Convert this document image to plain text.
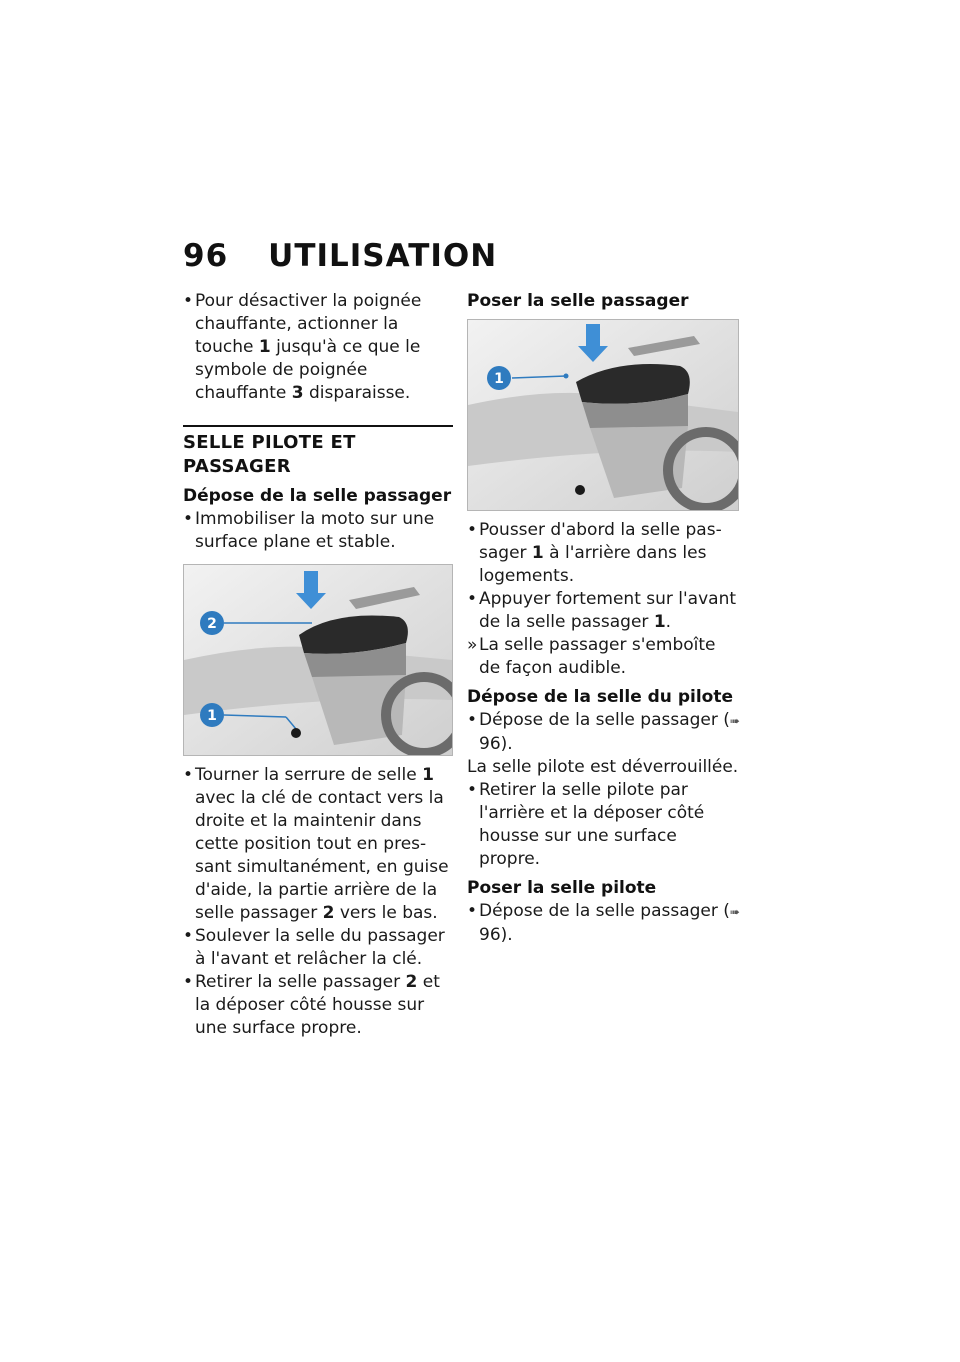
96 UTILISATION
• Pour désactiver la poignée chauffante, actionner la touche 1 jusqu'à ce que le symbole de poignée chauffante 3 disparaisse.
SELLE PILOTE ET PASSAGER
Dépose de la selle passager
• Immobiliser la moto sur une surface plane et stable.
2
1
• Tourner la serrure de selle 1 avec la clé de contact vers la droite et la maintenir dans cette position tout en pressant simultanément, en guise d'aide, la partie arrière de la selle passager 2 vers le bas.
• Soulever la selle du passager à l'avant et relâcher la clé.
• Retirer la selle passager 2 et la déposer côté housse sur une surface propre.
Poser la selle passager
1
• Pousser d'abord la selle passager 1 à l'arrière dans les logements.
• Appuyer fortement sur l'avant de la selle passager 1.
» La selle passager s'emboîte de façon audible.
Dépose de la selle du pilote
• Dépose de la selle passager (➠ 96).
La selle pilote est déverrouillée.
• Retirer la selle pilote par l'arrière et la déposer côté housse sur une surface propre.
Poser la selle pilote
• Dépose de la selle passager (➠ 96).
